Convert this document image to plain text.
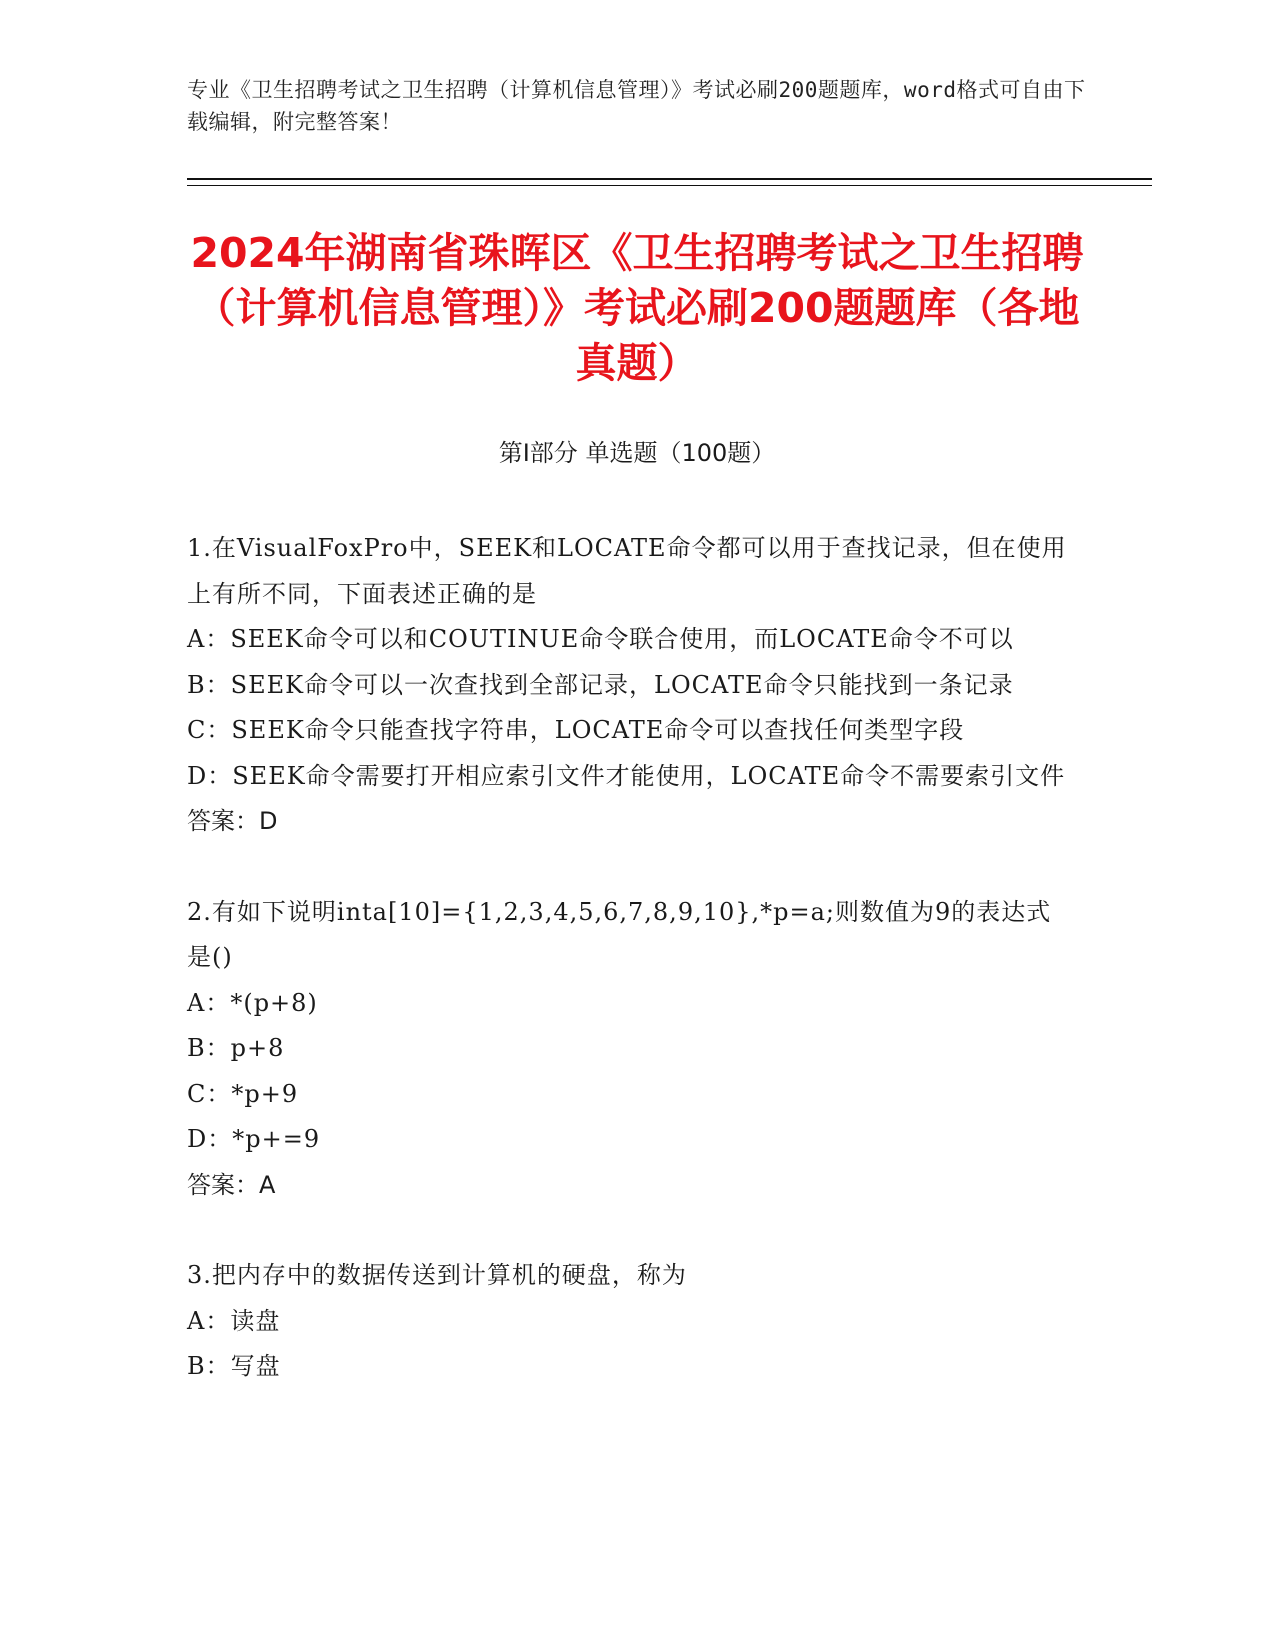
专业《卫生招聘考试之卫生招聘（计算机信息管理）》考试必刷200题题库，word格式可自由下载编辑，附完整答案！
2024年湖南省珠晖区《卫生招聘考试之卫生招聘（计算机信息管理）》考试必刷200题题库（各地真题）
第I部分 单选题（100题）
1.在VisualFoxPro中，SEEK和LOCATE命令都可以用于查找记录，但在使用上有所不同，下面表述正确的是
A：SEEK命令可以和COUTINUE命令联合使用，而LOCATE命令不可以
B：SEEK命令可以一次查找到全部记录，LOCATE命令只能找到一条记录
C：SEEK命令只能查找字符串，LOCATE命令可以查找任何类型字段
D：SEEK命令需要打开相应索引文件才能使用，LOCATE命令不需要索引文件
答案：D
2.有如下说明inta[10]={1,2,3,4,5,6,7,8,9,10},*p=a;则数值为9的表达式是()
A：*(p+8)
B：p+8
C：*p+9
D：*p+=9
答案：A
3.把内存中的数据传送到计算机的硬盘，称为
A：读盘
B：写盘
